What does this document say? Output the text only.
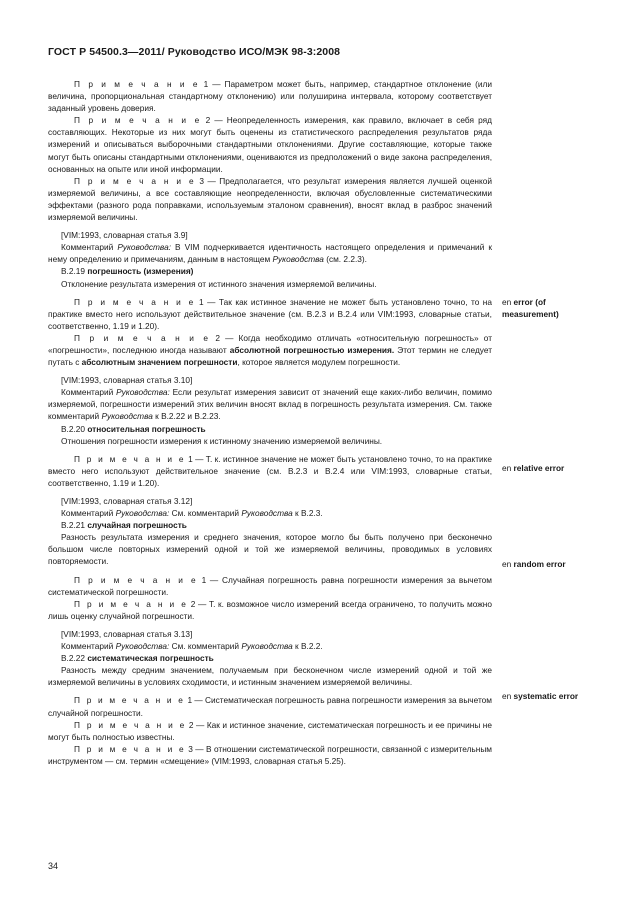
ГОСТ Р 54500.3—2011/ Руководство ИСО/МЭК 98-3:2008

П р и м е ч а н и е 1 — Параметром может быть, например, стандартное отклонение (или величина, пропорциональная стандартному отклонению) или полуширина интервала, которому соответствует заданный уровень доверия.

П р и м е ч а н и е 2 — Неопределенность измерения, как правило, включает в себя ряд составляющих. Некоторые из них могут быть оценены из статистического распределения результатов ряда измерений и описываться выборочными стандартными отклонениями. Другие составляющие, которые также могут быть описаны стандартными отклонениями, оцениваются из предположений о виде закона распределения, основанных на опыте или иной информации.

П р и м е ч а н и е 3 — Предполагается, что результат измерения является лучшей оценкой измеряемой величины, а все составляющие неопределенности, включая обусловленные систематическими эффектами (разного рода поправками, используемым эталоном сравнения), вносят вклад в разброс значений измеряемой величины.

[VIM:1993, словарная статья 3.9]

Комментарий Руководства: В VIM подчеркивается идентичность настоящего определения и примечаний к нему определению и примечаниям, данным в настоящем Руководства (см. 2.2.3).

B.2.19 погрешность (измерения)

Отклонение результата измерения от истинного значения измеряемой величины.

П р и м е ч а н и е 1 — Так как истинное значение не может быть установлено точно, то на практике вместо него используют действительное значение (см. B.2.3 и B.2.4 или VIM:1993, словарные статьи, соответственно, 1.19 и 1.20).

П р и м е ч а н и е 2 — Когда необходимо отличать «относительную погрешность» от «погрешности», последнюю иногда называют абсолютной погрешностью измерения. Этот термин не следует путать с абсолютным значением погрешности, которое является модулем погрешности.

[VIM:1993, словарная статья 3.10]

Комментарий Руководства: Если результат измерения зависит от значений еще каких-либо величин, помимо измеряемой, погрешности измерений этих величин вносят вклад в погрешность результата измерения. См. также комментарий Руководства к B.2.22 и B.2.23.

B.2.20 относительная погрешность

Отношения погрешности измерения к истинному значению измеряемой величины.

П р и м е ч а н и е 1 — Т. к. истинное значение не может быть установлено точно, то на практике вместо него используют действительное значение (см. B.2.3 и B.2.4 или VIM:1993, словарные статьи, соответственно, 1.19 и 1.20).

[VIM:1993, словарная статья 3.12]

Комментарий Руководства: См. комментарий Руководства к B.2.3.

B.2.21 случайная погрешность

Разность результата измерения и среднего значения, которое могло бы быть получено при бесконечно большом числе повторных измерений одной и той же измеряемой величины, проводимых в условиях повторяемости.

П р и м е ч а н и е 1 — Случайная погрешность равна погрешности измерения за вычетом систематической погрешности.

П р и м е ч а н и е 2 — Т. к. возможное число измерений всегда ограничено, то получить можно лишь оценку случайной погрешности.

[VIM:1993, словарная статья 3.13]

Комментарий Руководства: См. комментарий Руководства к B.2.2.

B.2.22 систематическая погрешность

Разность между средним значением, получаемым при бесконечном числе измерений одной и той же измеряемой величины в условиях сходимости, и истинным значением измеряемой величины.

П р и м е ч а н и е 1 — Систематическая погрешность равна погрешности измерения за вычетом случайной погрешности.

П р и м е ч а н и е 2 — Как и истинное значение, систематическая погрешность и ее причины не могут быть полностью известны.

П р и м е ч а н и е 3 — В отношении систематической погрешности, связанной с измерительным инструментом — см. термин «смещение» (VIM:1993, словарная статья 5.25).

en error (of measurement)
en relative error
en random error
en systematic error
34
